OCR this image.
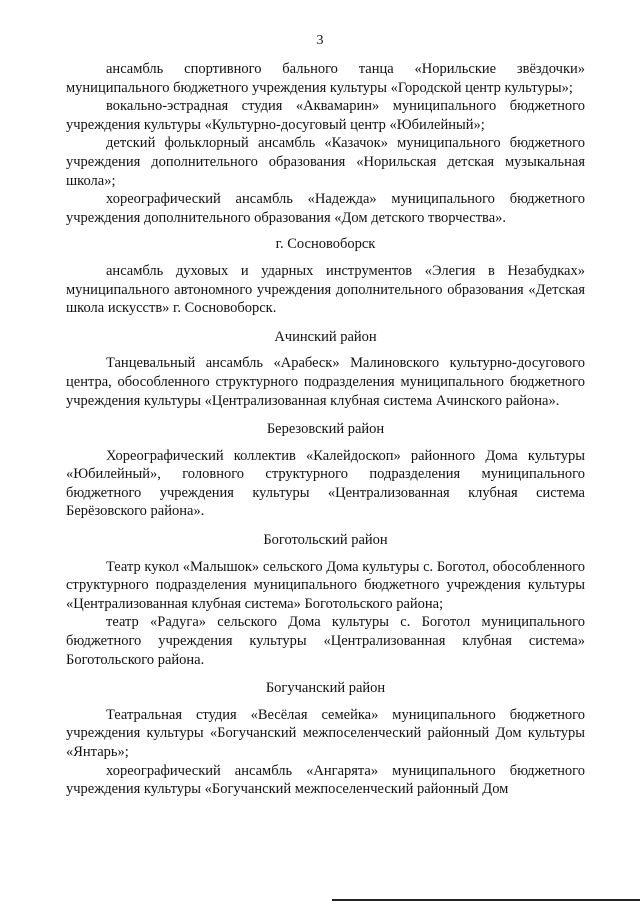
3

ансамбль спортивного бального танца «Норильские звёздочки» муниципального бюджетного учреждения культуры «Городской центр культуры»;

вокально-эстрадная студия «Аквамарин» муниципального бюджетного учреждения культуры «Культурно-досуговый центр «Юбилейный»;

детский фольклорный ансамбль «Казачок» муниципального бюджетного учреждения дополнительного образования «Норильская детская музыкальная школа»;

хореографический ансамбль «Надежда» муниципального бюджетного учреждения дополнительного образования «Дом детского творчества».

г. Сосновоборск

ансамбль духовых и ударных инструментов «Элегия в Незабудках» муниципального автономного учреждения дополнительного образования «Детская школа искусств» г. Сосновоборск.

Ачинский район

Танцевальный ансамбль «Арабеск» Малиновского культурно-досугового центра, обособленного структурного подразделения муниципального бюджетного учреждения культуры «Централизованная клубная система Ачинского района».

Березовский район

Хореографический коллектив «Калейдоскоп» районного Дома культуры «Юбилейный», головного структурного подразделения муниципального бюджетного учреждения культуры «Централизованная клубная система Берёзовского района».

Боготольский район

Театр кукол «Малышок» сельского Дома культуры с. Боготол, обособленного структурного подразделения муниципального бюджетного учреждения культуры «Централизованная клубная система» Боготольского района;

театр «Радуга» сельского Дома культуры с. Боготол муниципального бюджетного учреждения культуры «Централизованная клубная система» Боготольского района.

Богучанский район

Театральная студия «Весёлая семейка» муниципального бюджетного учреждения культуры «Богучанский межпоселенческий районный Дом культуры «Янтарь»;

хореографический ансамбль «Ангарята» муниципального бюджетного учреждения культуры «Богучанский межпоселенческий районный Дом
